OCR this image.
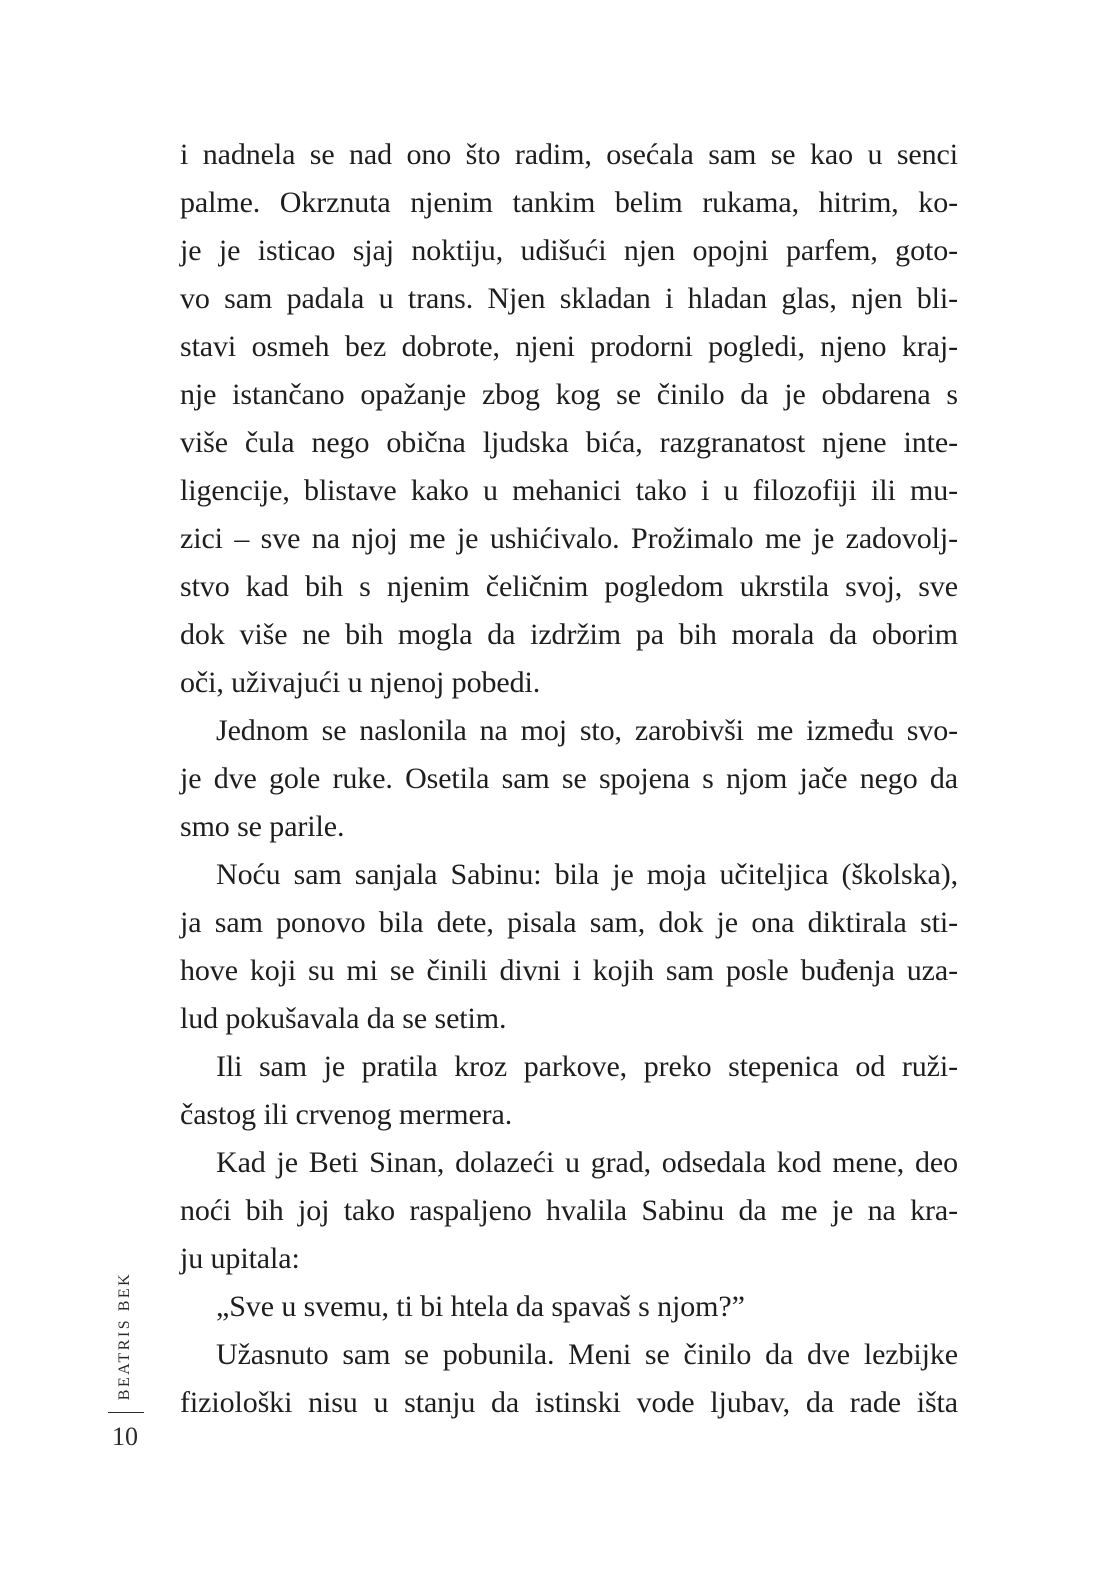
i nadnela se nad ono što radim, osećala sam se kao u senci
palme. Okrznuta njenim tankim belim rukama, hitrim, ko-
je je isticao sjaj noktiju, udišući njen opojni parfem, goto-
vo sam padala u trans. Njen skladan i hladan glas, njen bli-
stavi osmeh bez dobrote, njeni prodorni pogledi, njeno kraj-
nje istančano opažanje zbog kog se činilo da je obdarena s
više čula nego obična ljudska bića, razgranatost njene inte-
ligencije, blistave kako u mehanici tako i u filozofiji ili mu-
zici – sve na njoj me je ushićivalo. Prožimalo me je zadovolj-
stvo kad bih s njenim čeličnim pogledom ukrstila svoj, sve
dok više ne bih mogla da izdržim pa bih morala da oborim
oči, uživajući u njenoj pobedi.
Jednom se naslonila na moj sto, zarobivši me između svo-
je dve gole ruke. Osetila sam se spojena s njom jače nego da
smo se parile.
Noću sam sanjala Sabinu: bila je moja učiteljica (školska),
ja sam ponovo bila dete, pisala sam, dok je ona diktirala sti-
hove koji su mi se činili divni i kojih sam posle buđenja uza-
lud pokušavala da se setim.
Ili sam je pratila kroz parkove, preko stepenica od ruži-
častog ili crvenog mermera.
Kad je Beti Sinan, dolazeći u grad, odsedala kod mene, deo
noći bih joj tako raspaljeno hvalila Sabinu da me je na kra-
ju upitala:
„Sve u svemu, ti bi htela da spavaš s njom?”
Užasnuto sam se pobunila. Meni se činilo da dve lezbijke
fiziološki nisu u stanju da istinski vode ljubav, da rade išta
BEATRIS BEK
10
